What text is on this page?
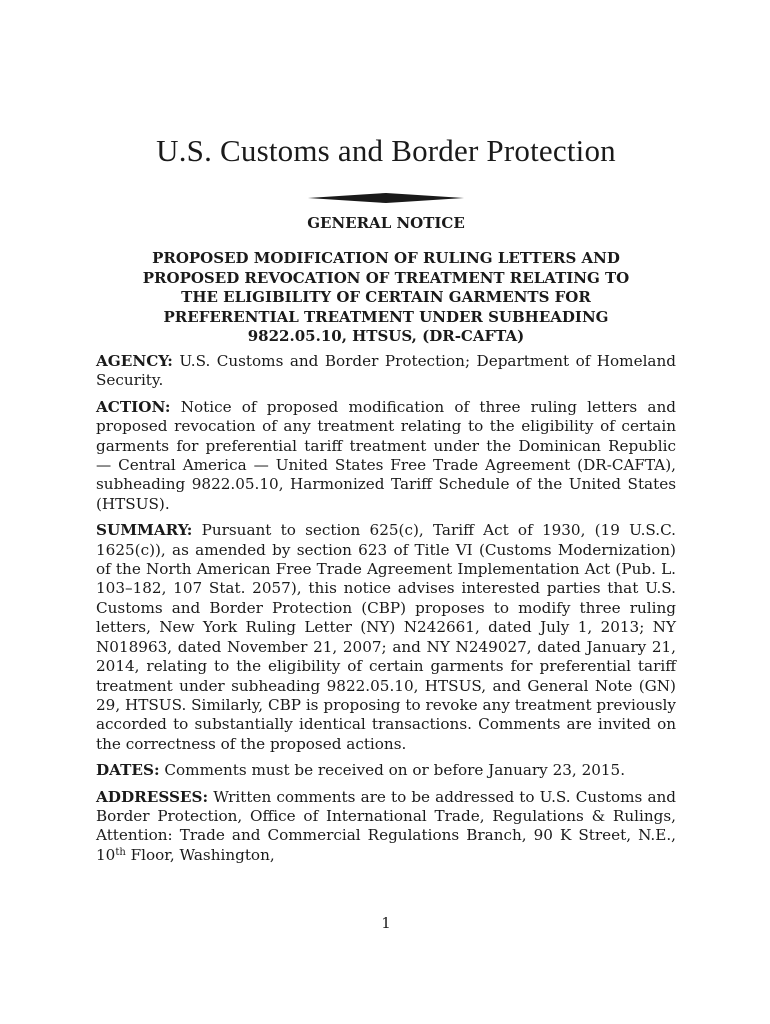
U.S. Customs and Border Protection
GENERAL NOTICE
PROPOSED MODIFICATION OF RULING LETTERS AND
PROPOSED REVOCATION OF TREATMENT RELATING TO
THE ELIGIBILITY OF CERTAIN GARMENTS FOR
PREFERENTIAL TREATMENT UNDER SUBHEADING
9822.05.10, HTSUS, (DR-CAFTA)

AGENCY: U.S. Customs and Border Protection; Department of Homeland Security.

ACTION: Notice of proposed modification of three ruling letters and proposed revocation of any treatment relating to the eligibility of certain garments for preferential tariff treatment under the Dominican Republic — Central America — United States Free Trade Agreement (DR-CAFTA), subheading 9822.05.10, Harmonized Tariff Schedule of the United States (HTSUS).

SUMMARY: Pursuant to section 625(c), Tariff Act of 1930, (19 U.S.C. 1625(c)), as amended by section 623 of Title VI (Customs Modernization) of the North American Free Trade Agreement Implementation Act (Pub. L. 103–182, 107 Stat. 2057), this notice advises interested parties that U.S. Customs and Border Protection (CBP) proposes to modify three ruling letters, New York Ruling Letter (NY) N242661, dated July 1, 2013; NY N018963, dated November 21, 2007; and NY N249027, dated January 21, 2014, relating to the eligibility of certain garments for preferential tariff treatment under subheading 9822.05.10, HTSUS, and General Note (GN) 29, HTSUS. Similarly, CBP is proposing to revoke any treatment previously accorded to substantially identical transactions. Comments are invited on the correctness of the proposed actions.

DATES: Comments must be received on or before January 23, 2015.

ADDRESSES: Written comments are to be addressed to U.S. Customs and Border Protection, Office of International Trade, Regulations & Rulings, Attention: Trade and Commercial Regulations Branch, 90 K Street, N.E., 10th Floor, Washington,

1
